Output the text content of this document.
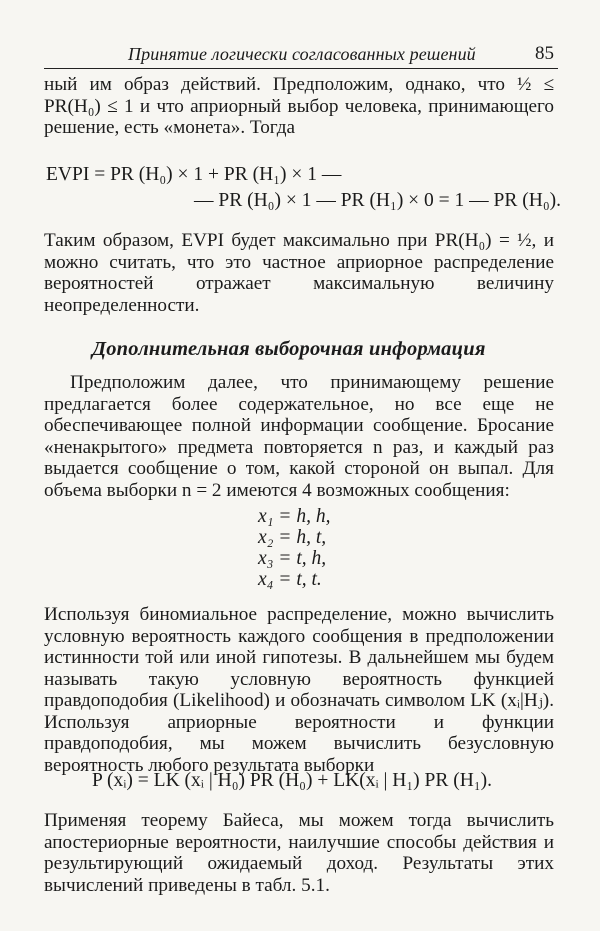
Принятие логически согласованных решений	85

ный им образ действий. Предположим, однако, что ½ ≤ PR(H₀) ≤ 1 и что априорный выбор человека, принимающего решение, есть «монета». Тогда

EVPI = PR (H₀) × 1 + PR (H₁) × 1 —
— PR (H₀) × 1 — PR (H₁) × 0 = 1 — PR (H₀).

Таким образом, EVPI будет максимально при PR(H₀) = ½, и можно считать, что это частное априорное распределение вероятностей отражает максимальную величину неопределенности.

Дополнительная выборочная информация

Предположим далее, что принимающему решение предлагается более содержательное, но все еще не обеспечивающее полной информации сообщение. Бросание «ненакрытого» предмета повторяется n раз, и каждый раз выдается сообщение о том, какой стороной он выпал. Для объема выборки n = 2 имеются 4 возможных сообщения:

x₁ = h, h,
x₂ = h, t,
x₃ = t, h,
x₄ = t, t.

Используя биномиальное распределение, можно вычислить условную вероятность каждого сообщения в предположении истинности той или иной гипотезы. В дальнейшем мы будем называть такую условную вероятность функцией правдоподобия (Likelihood) и обозначать символом LK (xᵢ|Hⱼ). Используя априорные вероятности и функции правдоподобия, мы можем вычислить безусловную вероятность любого результата выборки

P (xᵢ) = LK (xᵢ | H₀) PR (H₀) + LK(xᵢ | H₁) PR (H₁).

Применяя теорему Байеса, мы можем тогда вычислить апостериорные вероятности, наилучшие способы действия и результирующий ожидаемый доход. Результаты этих вычислений приведены в табл. 5.1.
